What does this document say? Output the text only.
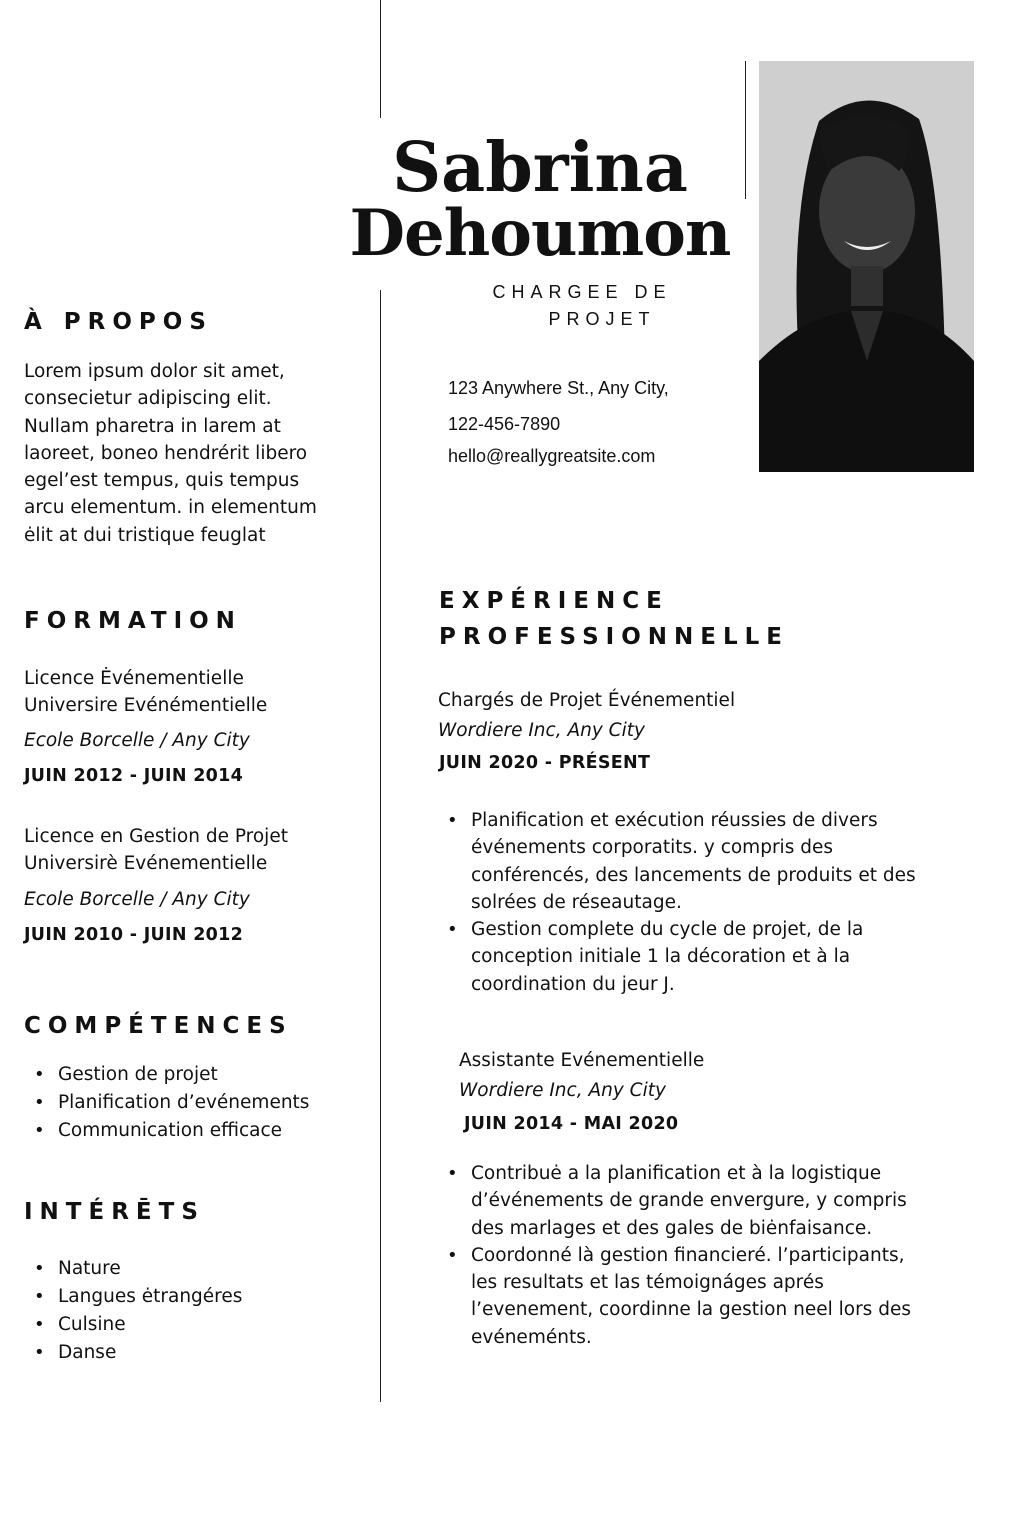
Sabrina
Dehoumon
CHARGEE DE
PROJET
123 Anywhere St., Any City,
122-456-7890
hello@reallygreatsite.com
À PROPOS
Lorem ipsum dolor sit amet,
consecietur adipiscing elit.
Nullam pharetra in larem at
laoreet, boneo hendrérit libero
egel’est tempus, quis tempus
arcu elementum. in elementum
ėlit at dui tristique feuglat
FORMATION
Licence Ėvénementielle
Universire Evénémentielle
Ecole Borcelle / Any City
JUIN 2012 - JUIN 2014
Licence en Gestion de Projet
Universirè Evénementielle
Ecole Borcelle / Any City
JUIN 2010 - JUIN 2012
COMPÉTENCES
• Gestion de projet
• Planification d’evénements
• Communication efficace
INTÉRĒTS
• Nature
• Langues ėtrangéres
• Culsine
• Danse
EXPÉRIENCE
PROFESSIONNELLE
Chargés de Projet Événementiel
Wordiere Inc, Any City
JUIN 2020 - PRÉSENT
• Planification et exécution réussies de divers
événements corporatits. y compris des
conférencés, des lancements de produits et des
solrées de réseautage.
• Gestion complete du cycle de projet, de la
conception initiale 1 la décoration et à la
coordination du jeur J.
Assistante Evénementielle
Wordiere Inc, Any City
JUIN 2014 - MAI 2020
• Contribuė a la planification et à la logistique
d’événements de grande envergure, y compris
des marlages et des gales de biėnfaisance.
• Coordonné là gestion financieré. l’participants,
les resultats et las témoignáges aprés
l’evenement, coordinne la gestion neel lors des
evéneménts.
